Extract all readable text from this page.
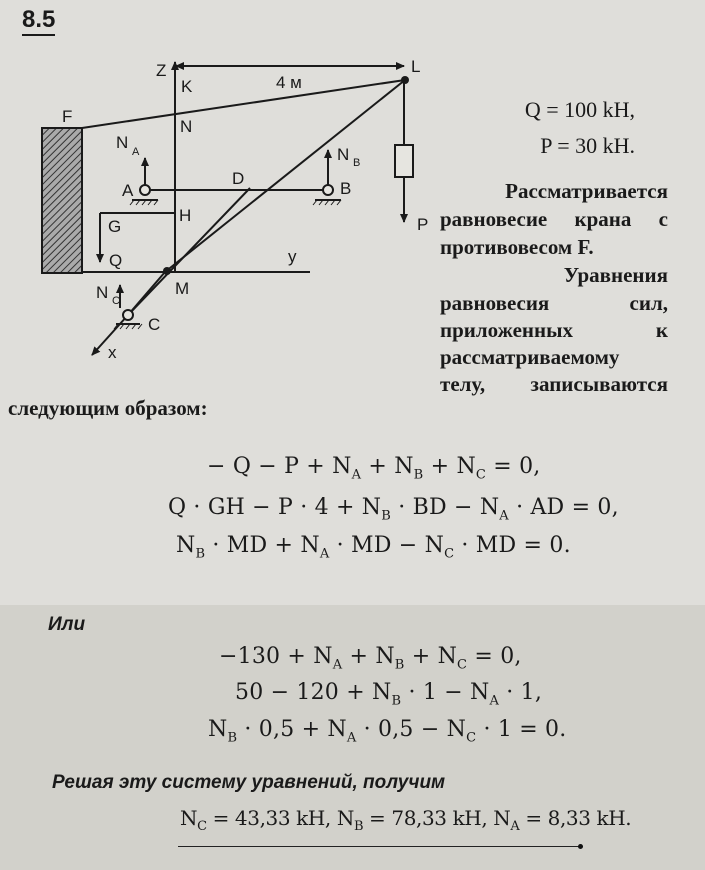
8.5
Z
K	4 м
L
F
N
N A
A
D
N B
B
G
H
Q	y
P
M
N C
C
x
Q = 100 kH,
P = 30 kH.
Рассматривается
равновесие крана с
противовесом F.
Уравнения
равновесия сил,
приложенных к
рассматриваемому
телу, записываются
следующим образом:
− $Q - P + N_A + N_B + N_C = 0$,
Q · GH − $P \cdot 4 + N_B$ · BD − $N_A$ · AD = 0,
$N_B$ · MD + $N_A$ · MD − $N_C$ · MD = 0.
Или
$-130 + N_A + N_B + N_C = 0$,
$50 - 120 + N_B \cdot 1 - N_A \cdot 1$,
$N_B \cdot 0,5 + N_A \cdot 0,5 - N_C \cdot 1 = 0$.
Решая эту систему уравнений, получим
$N_C = 43,33$ kH, $N_B = 78,33$ kH, $N_A = 8,33$ kH.
